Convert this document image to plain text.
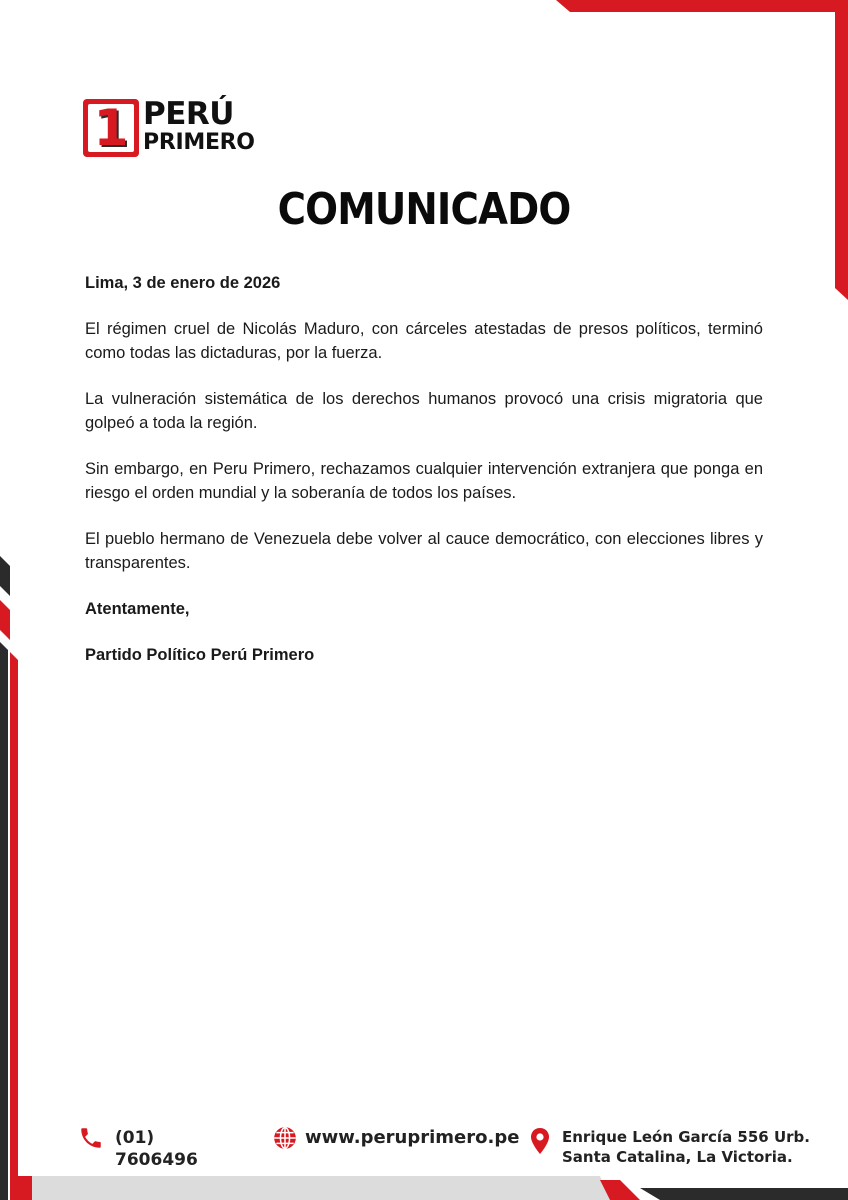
1 PERÚ
PRIMERO
COMUNICADO

Lima, 3 de enero de 2026

El régimen cruel de Nicolás Maduro, con cárceles atestadas de presos políticos, terminó como todas las dictaduras, por la fuerza.

La vulneración sistemática de los derechos humanos provocó una crisis migratoria que golpeó a toda la región.

Sin embargo, en Peru Primero, rechazamos cualquier intervención extranjera que ponga en riesgo el orden mundial y la soberanía de todos los países.

El pueblo hermano de Venezuela debe volver al cauce democrático, con elecciones libres y transparentes.

Atentamente,

Partido Político Perú Primero

(01) 7606496
www.peruprimero.pe	Enrique León García 556 Urb.
Santa Catalina, La Victoria.
